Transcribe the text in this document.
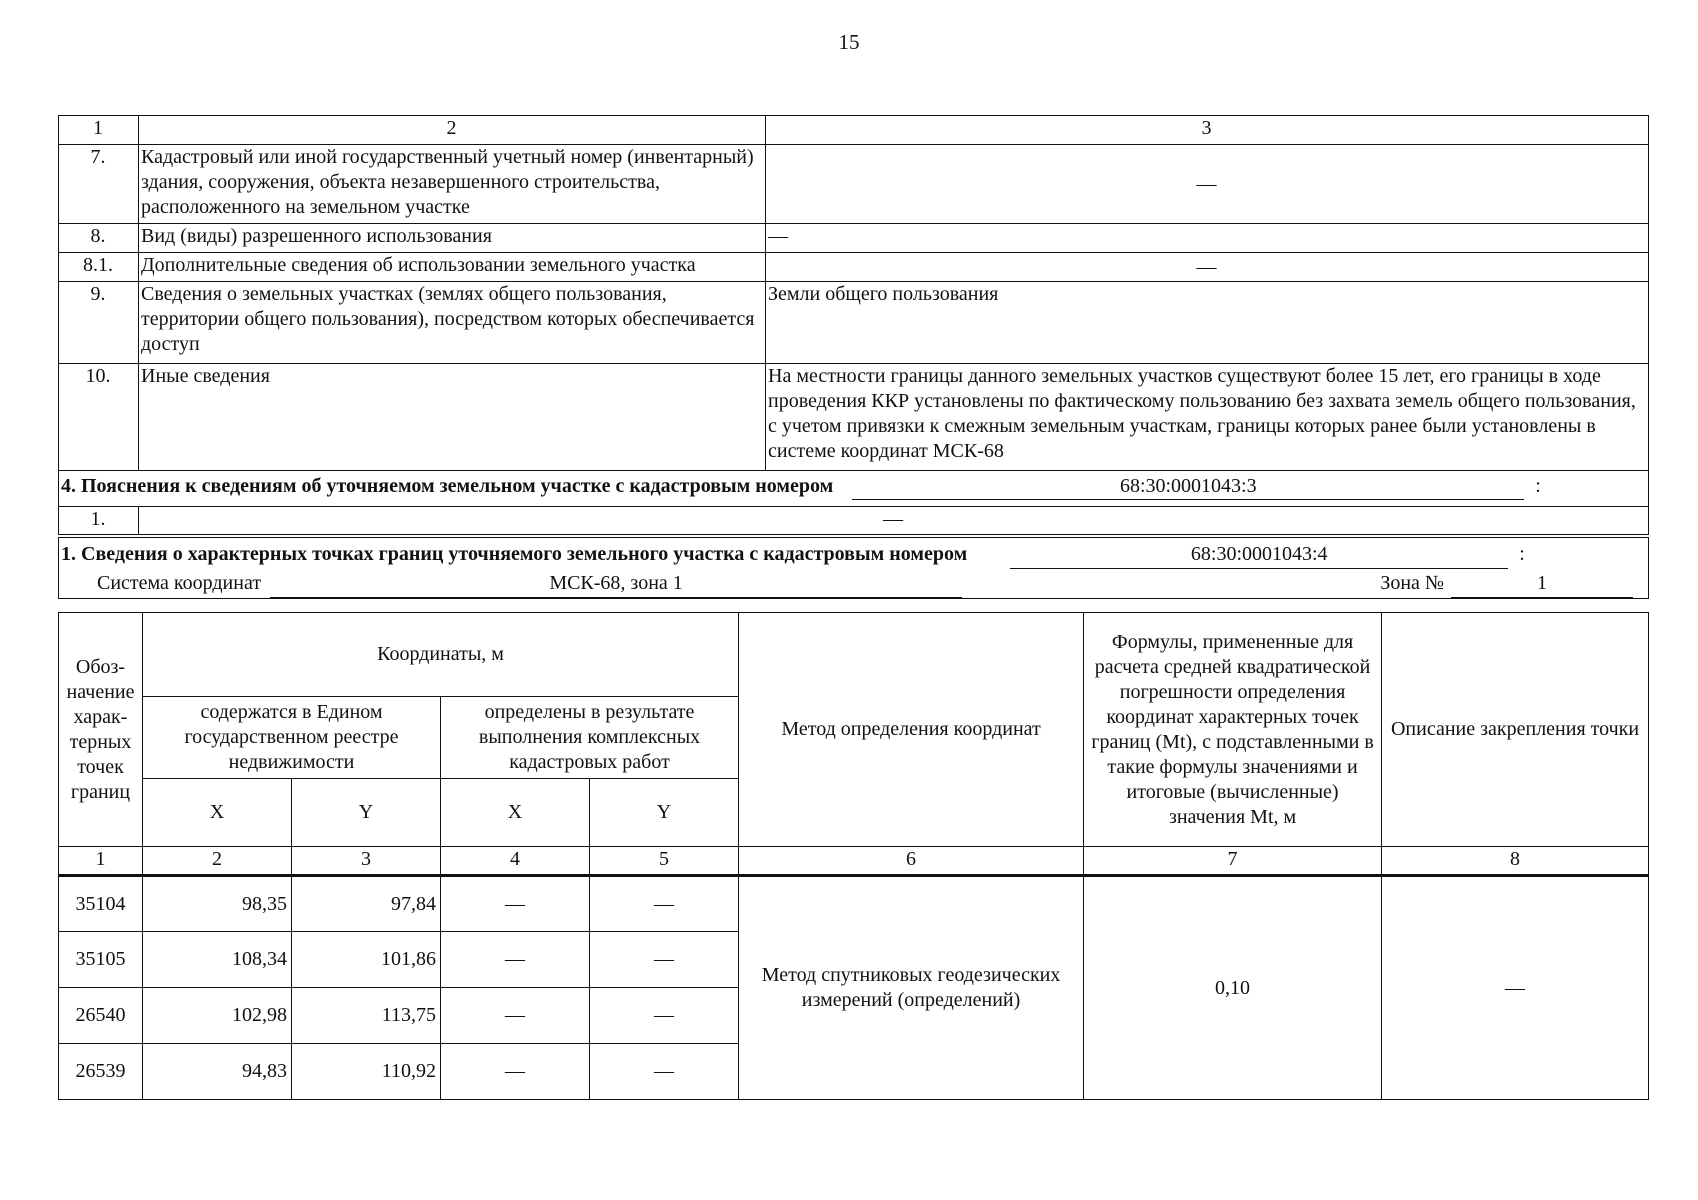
15
1	2	3
7.	Кадастровый или иной государственный учетный номер (инвентарный) здания, сооружения, объекта незавершенного строительства, расположенного на земельном участке	—
8.	Вид (виды) разрешенного использования	—
8.1.	Дополнительные сведения об использовании земельного участка	—
9.	Сведения о земельных участках (землях общего пользования, территории общего пользования), посредством которых обеспечивается доступ	Земли общего пользования
10.	Иные сведения	На местности границы данного земельных участков существуют более 15 лет, его границы в ходе проведения ККР установлены по фактическому пользованию без захвата земель общего пользования, с учетом привязки к смежным земельным участкам, границы которых ранее были установлены в системе координат МСК-68
4. Пояснения к сведениям об уточняемом земельном участке с кадастровым номером 68:30:0001043:3 :		
1.	—	

1. Сведения о характерных точках границ уточняемого земельного участка с кадастровым номером 68:30:0001043:4 :
Система координат МСК-68, зона 1 Зона № 1		
Обоз-начение харак-терных точек границ	Координаты, м				Метод определения координат	Формулы, примененные для расчета средней квадратической погрешности определения координат характерных точек границ (Mt), с подставленными в такие формулы значениями и итоговые (вычисленные) значения Mt, м	Описание закрепления точки
	содержатся в Едином государственном реестре недвижимости		определены в результате выполнения комплексных кадастровых работ				
	X	Y	X	Y			
1	2	3	4	5	6	7	8
35104	98,35	97,84	—	—	Метод спутниковых геодезических измерений (определений)	0,10	—
35105	108,34	101,86	—	—			
26540	102,98	113,75	—	—			
26539	94,83	110,92	—	—			
